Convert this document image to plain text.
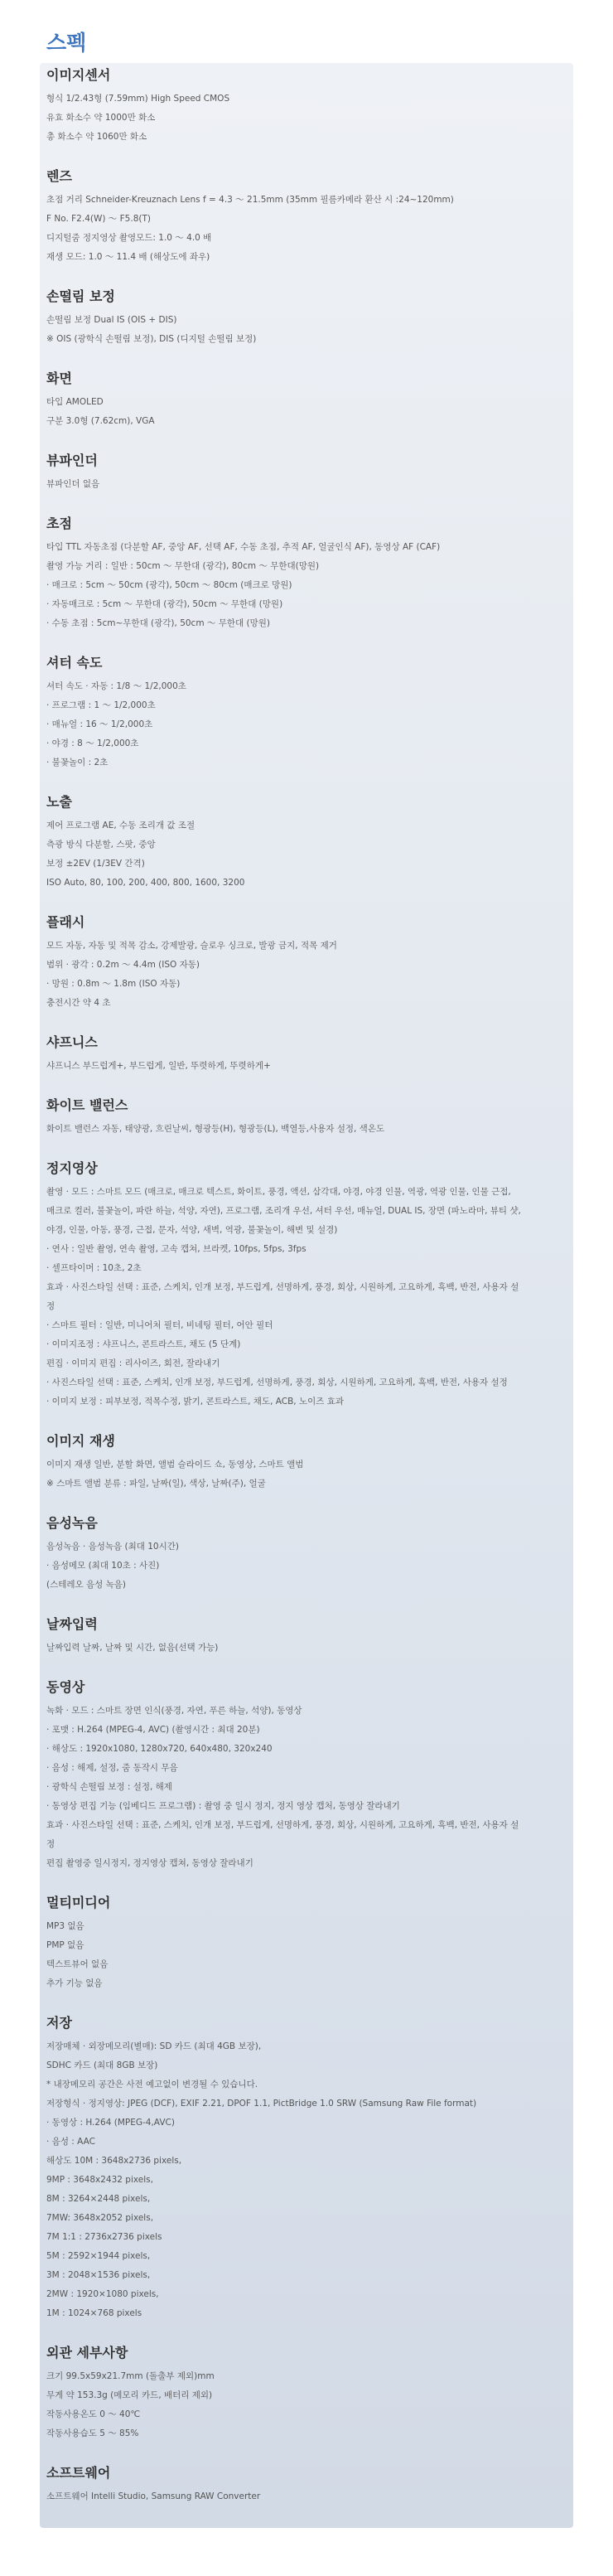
스펙
이미지센서
형식 1/2.43형 (7.59mm) High Speed CMOS
유효 화소수 약 1000만 화소
총 화소수 약 1060만 화소
렌즈
초점 거리 Schneider-Kreuznach Lens f = 4.3 ～ 21.5mm (35mm 필름카메라 환산 시 :24~120mm)
F No. F2.4(W) ～ F5.8(T)
디지털줌 정지영상 촬영모드: 1.0 ～ 4.0 배
재생 모드: 1.0 ～ 11.4 배 (해상도에 좌우)
손떨림 보정
손떨림 보정 Dual IS (OIS + DIS)
※ OIS (광학식 손떨림 보정), DIS (디지털 손떨림 보정)
화면
타입 AMOLED
구분 3.0형 (7.62cm), VGA
뷰파인더
뷰파인더 없음
초점
타입 TTL 자동초점 (다분할 AF, 중앙 AF, 선택 AF, 수동 초점, 추적 AF, 얼굴인식 AF), 동영상 AF (CAF)
촬영 가능 거리 : 일반 : 50cm ～ 무한대 (광각), 80cm ～ 무한대(망원)
· 매크로 : 5cm ～ 50cm (광각), 50cm ～ 80cm (매크로 망원)
· 자동매크로 : 5cm ～ 무한대 (광각), 50cm ～ 무한대 (망원)
· 수동 초점 : 5cm~무한대 (광각), 50cm ～ 무한대 (망원)
셔터 속도
셔터 속도 · 자동 : 1/8 ～ 1/2,000초
· 프로그램 : 1 ～ 1/2,000초
· 매뉴얼 : 16 ～ 1/2,000초
· 야경 : 8 ～ 1/2,000초
· 불꽃놀이 : 2초
노출
제어 프로그램 AE, 수동 조리개 값 조절
측광 방식 다분할, 스팟, 중앙
보정 ±2EV (1/3EV 간격)
ISO Auto, 80, 100, 200, 400, 800, 1600, 3200
플래시
모드 자동, 자동 및 적목 감소, 강제발광, 슬로우 싱크로, 발광 금지, 적목 제거
범위 · 광각 : 0.2m ～ 4.4m (ISO 자동)
· 망원 : 0.8m ～ 1.8m (ISO 자동)
충전시간 약 4 초
샤프니스
샤프니스 부드럽게+, 부드럽게, 일반, 뚜렷하게, 뚜렷하게+
화이트 밸런스
화이트 밸런스 자동, 태양광, 흐린날씨, 형광등(H), 형광등(L), 백열등,사용자 설정, 색온도
정지영상
촬영 · 모드 : 스마트 모드 (매크로, 매크로 텍스트, 화이트, 풍경, 액션, 삼각대, 야경, 야경 인물, 역광, 역광 인물, 인물 근접,
매크로 컬러, 불꽃놀이, 파란 하늘, 석양, 자연), 프로그램, 조리개 우선, 셔터 우선, 매뉴얼, DUAL IS, 장면 (파노라마, 뷰티 샷,
야경, 인물, 아동, 풍경, 근접, 문자, 석양, 새벽, 역광, 불꽃놀이, 해변 및 설경)
· 연사 : 일반 촬영, 연속 촬영, 고속 캡쳐, 브라켓, 10fps, 5fps, 3fps
· 셀프타이머 : 10초, 2초
효과 · 사진스타일 선택 : 표준, 스케치, 인개 보정, 부드럽게, 선명하게, 풍경, 회상, 시원하게, 고요하게, 흑백, 반전, 사용자 설
정
· 스마트 필터 : 일반, 미니어처 필터, 비네팅 필터, 어안 필터
· 이미지조정 : 샤프니스, 콘트라스트, 채도 (5 단계)
편집 · 이미지 편집 : 리사이즈, 회전, 잘라내기
· 사진스타일 선택 : 표준, 스케치, 인개 보정, 부드럽게, 선명하게, 풍경, 회상, 시원하게, 고요하게, 흑백, 반전, 사용자 설정
· 이미지 보정 : 피부보정, 적목수정, 밝기, 콘트라스트, 채도, ACB, 노이즈 효과
이미지 재생
이미지 재생 일반, 분할 화면, 앨범 슬라이드 쇼, 동영상, 스마트 앨범
※ 스마트 앨범 분류 : 파일, 날짜(일), 색상, 날짜(주), 얼굴
음성녹음
음성녹음 · 음성녹음 (최대 10시간)
· 음성메모 (최대 10초 : 사진)
(스테레오 음성 녹음)
날짜입력
날짜입력 날짜, 날짜 및 시간, 없음(선택 가능)
동영상
녹화 · 모드 : 스마트 장면 인식(풍경, 자연, 푸른 하늘, 석양), 동영상
· 포맷 : H.264 (MPEG-4, AVC) (촬영시간 : 최대 20분)
· 해상도 : 1920x1080, 1280x720, 640x480, 320x240
· 음성 : 해제, 설정, 줌 동작시 무음
· 광학식 손떨림 보정 : 설정, 해제
· 동영상 편집 기능 (임베디드 프로그램) : 촬영 중 일시 정지, 정지 영상 캡처, 동영상 잘라내기
효과 · 사진스타일 선택 : 표준, 스케치, 인개 보정, 부드럽게, 선명하게, 풍경, 회상, 시원하게, 고요하게, 흑백, 반전, 사용자 설
정
편집 촬영중 일시정지, 정지영상 캡쳐, 동영상 잘라내기
멀티미디어
MP3 없음
PMP 없음
텍스트뷰어 없음
추가 기능 없음
저장
저장매체 · 외장메모리(별매): SD 카드 (최대 4GB 보장),
SDHC 카드 (최대 8GB 보장)
* 내장메모리 공간은 사전 예고없이 변경될 수 있습니다.
저장형식 · 정지영상: JPEG (DCF), EXIF 2.21, DPOF 1.1, PictBridge 1.0 SRW (Samsung Raw File format)
· 동영상 : H.264 (MPEG-4,AVC)
· 음성 : AAC
해상도 10M : 3648x2736 pixels,
9MP : 3648x2432 pixels,
8M : 3264×2448 pixels,
7MW: 3648x2052 pixels,
7M 1:1 : 2736x2736 pixels
5M : 2592×1944 pixels,
3M : 2048×1536 pixels,
2MW : 1920×1080 pixels,
1M : 1024×768 pixels
외관 세부사항
크기 99.5x59x21.7mm (돌출부 제외)mm
무게 약 153.3g (메모리 카드, 배터리 제외)
작동사용온도 0 ～ 40℃
작동사용습도 5 ～ 85%
소프트웨어
소프트웨어 Intelli Studio, Samsung RAW Converter
